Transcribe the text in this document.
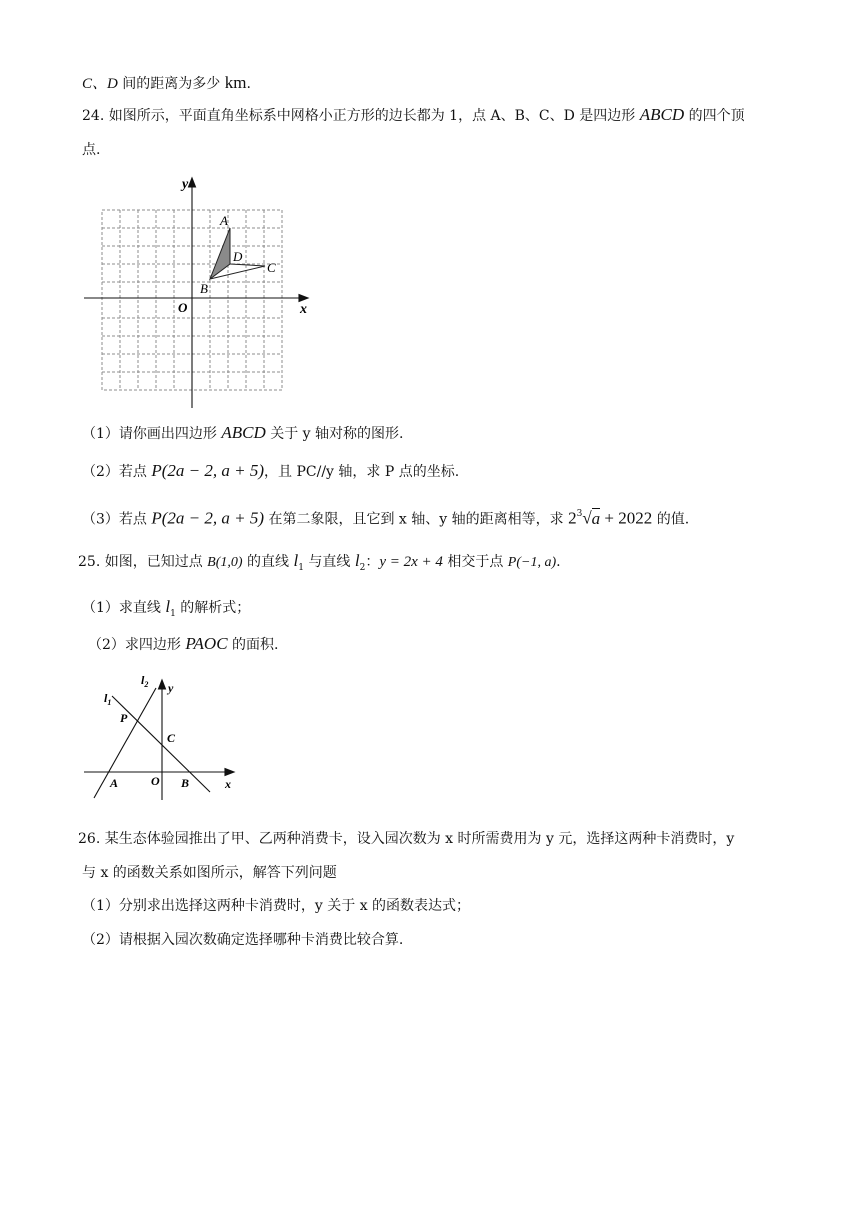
C、D 间的距离为多少 km.
24. 如图所示，平面直角坐标系中网格小正方形的边长都为 1，点 A、B、C、D 是四边形 ABCD 的四个顶
点.
y
x
O
A
B
C
D
（1）请你画出四边形 ABCD 关于 y 轴对称的图形.
（2）若点 P(2a − 2, a + 5)，且 PC//y 轴，求 P 点的坐标.
（3）若点 P(2a − 2, a + 5) 在第二象限，且它到 x 轴、y 轴的距离相等，求 $2^3√a + 2022$ 的值.
25. 如图，已知过点 B(1,0) 的直线 $l_1$ 与直线 $l_2$：y = 2x + 4 相交于点 P(−1, a).
（1）求直线 $l_1$ 的解析式；
（2）求四边形 PAOC 的面积.
$l_1$
$l_2$ y
x
P
C
A	O B
26. 某生态体验园推出了甲、乙两种消费卡，设入园次数为 x 时所需费用为 y 元，选择这两种卡消费时，y
与 x 的函数关系如图所示，解答下列问题
（1）分别求出选择这两种卡消费时，y 关于 x 的函数表达式；
（2）请根据入园次数确定选择哪种卡消费比较合算.
